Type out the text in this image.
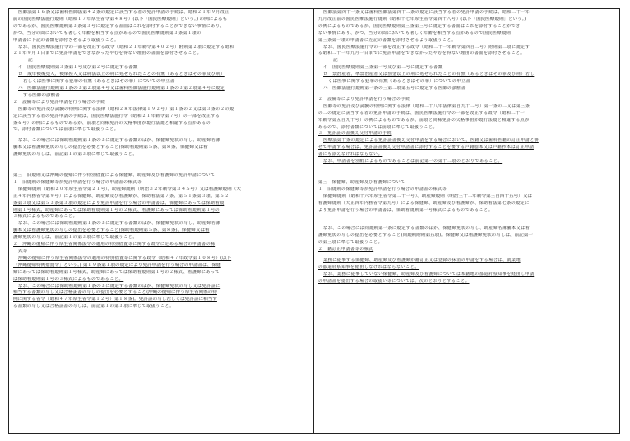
医師法第１６条又は歯科医師法第４２条の規定に該当する者の免許申請の手続は、昭和２１年９月改正
前の国民医療法施行規則（昭和１７年厚生省令第４８号）(以下「国民医療規則」という。) の例によるも
のであるが、国民医療規則第３条第３号に規定する書面はこれを添付することができない事情にあり、
かつ、当分の間においても著しく年齢を相当する点があるので国民医療規則第３条第１項の
申請書に下記の書類を添付させるよう取扱うこと。
なお、国民医療法施行令の一部を改正する政令（昭和２１年勅令第４０２号）附則第２項に規定する昭和
２１年９月１日までに免許申請をできなかったやむを得ない理由の書面を添付させること。
記
イ　国民医療規則第３条第１号及び第２号に規定する書類
ロ　成年被後見人、被保佐人又は刑法以上の刑に処せられたことの有無（あるときはその罪及び刑）
若しくは医事に関する犯罪の有無（あるときはその罪）についての申立書
ハ　医師法施行規則第１条の３第２項第４号又は歯科医師法施行規則第１条の３第２項第４号に規定
する医師の診断書
２　設備等により免許申請を行う場合の手続
医師等の免許及び試験の特例に関する法律（昭和２８年法律第１９２号）第１条の２又は第３条の２の規
定に該当する者の免許申請の手続は、国民医療法施行令（昭和２１年勅令第７号）の一部を改正する
条６号）の例によるものであるが、前項と同様免許の欠格事由が現行法規と相違する点があるの
で、添付書類については前項に準じて取扱うこと。
なお、この場合には保助看規則第１条の３に規定する書類のほか、保健婦免状の写し、助産婦名簿
騰本又は看護婦免状の写しの提出を必要とすること(保助看規則第５条、第８条、保健婦又は看
護婦免状の写しは、前記第１の第３項に準じて取扱うこと。
第三　旧規則又は沖縄の復帰に伴う特別措置による保健婦、助産婦及び看護婦の免許申請について
１　旧規則の保健婦等が免許申請を行う場合の申請書の様式等
保健婦規則（昭和２０年厚生省令第２１号）、助産婦規則（明治３２年勅令第３４５号）又は看護婦規則（大
正４年内務省令第９号）による保健婦、助産婦及び看護婦が、保助看法第７条、第５１条第３項、第５２
条第３項又は第５３条第３項の規定により免許申請を行う場合の申請書は、保健婦にあっては保助看規
則第１号様式、助産婦にあっては保助看規則第１号の２様式、看護婦にあっては保助看規則第１号の
３様式によるものであること。
なお、この場合には保助看規則第１条の３に規定する書類のほか、保健婦免状の写し、助産婦名簿
騰本又は看護婦免状の写しの提出を必要とすること(保助看規則第５条、第８条)、保健婦又は看
護婦免状の写しは、前記第１の第３項に準じて取扱うこと。
２　沖縄の復帰に伴う厚生省関係法令の適用の特別措置等に関する政令に定める場合の申請書の様
式等
沖縄の復帰に伴う厚生省関係法令の適用の特別措置等に関する政令（昭和４７年政令第１０８号）(以下
「沖縄復帰特例措置令」という。) 第１９条第１項の規定により免許申請を行う場合の申請書は、保健
婦にあっては保助看規則第１号様式、助産婦にあっては保助看規則第１号の２様式、看護婦にあって
は保助看規則第１号の３様式によるものであること。
なお、この場合には保助看規則第１条の３に規定する書類のほか、保健婦免状の写し又は免許証に
相当する書類の写し又は合格証書の写しの提出を必要とすること(沖縄の復帰に伴う厚生省関係の特
例に関する省令（昭和４７年厚生省令第１２号）第１８条)。免許証の写し若しくは免許証に相当す
る書類の写し又は合格証書の写しは、前記第１の第３項に準じて取扱うこと。
医師法第四十一条又は歯科医師法第四十二条の規定に該当する者の免許申請の手続は、昭和二十一年
九月改正前の国民医療法施行規則（昭和十七年厚生省令第四十八号）(以下「国民医療規則」という。)
の例によるものであるが、国民医療規則第三条第三号に規定する書面はこれを添付することができ
ない事情にあり、かつ、当分の間においても著しく年齢を相当する点があるので国民医療規則
第三条第一項の申請書に左記の書類を添付させるよう取扱うこと。
なお、国民医療法施行令の一部を改正する政令（昭和二十一年勅令第四百二号）附則第二項に規定す
る昭和二十一年九月一日までに免許申請をできなかったやむを得ない理由の書面を添付させること。
記
イ　国民医療規則第三条第一号及び第二号に規定する書類
ロ　禁治産者、準禁治産者又は罰金以上の刑に処せられたことの有無（あるときはその罪及び刑）若し
くは医事に関する犯罪の有無（あるときはその罪）についての申立書
ハ　医師法施行規則第一条の三第二項第五号に規定する医師の診断書
２　設備等により免許申請を行う場合の手続
医師等の免許及び試験の特例に関する法律（昭和二十八年法律第百九十二号）第一条の二又は第三条
の二の規定に該当する者の免許申請の手続は、国民医療法施行令の一部を改正する政令（昭和二十一
年勅令第五百九十号）の例によるものであるが、前項と同様免許の欠格事由が現行法規と相違する点が
あるので、添付書類については前項に準じて取扱うこと。
３　免許証の書換え交付申請の手続
医療法第十条の規定による免許証書換え交付申請をする場合において、医籍又は歯科医籍の訂正申請と併
せて申請する場合は、免許証書換え交付申請書に添付することを要する戸籍謄本又は戸籍抄本は訂正申請
書にも添えなければならない。
なお、申請書を別紙によるものであることは前記第一の第十二項のとおりであること。
第三　保健婦、助産婦及び看護婦について
１　旧規則の保健婦等が免許申請を行う場合の申請書の様式等
保健婦規則（昭和十六年厚生省令第二十一号）、助産婦規則（明治三十二年勅令第三百四十五号）又は
看護婦規則（大正四年内務省令第九号）による保健婦、助産婦及び看護婦が、保助看法第七条の規定に
より免許申請を行う場合の申請書は、保助看規則第一号様式によるものであること。
なお、この場合には同規則第一条に規定する書類のほか、保健婦免状の写し、助産婦名簿騰本又は看
護婦免状の写しの提出を必要とすること(同規則附則第五項)。保健婦又は看護婦免状の写しは、前記第一
の第三項に準じて取扱うこと。
２　籍訂正申請書等の様式
業務に従事する保健婦、助産婦及び看護婦が籍訂正又は登録の抹消の申請をする場合は、就業地
の都道府県知事を経由しなければならないこと。
なお、業務に従事していない保健婦、助産婦及び看護婦については本籍地の都道府県知事を経由し申請
の申請書を提出する場合の取扱い等については、次のとおりとすること。
